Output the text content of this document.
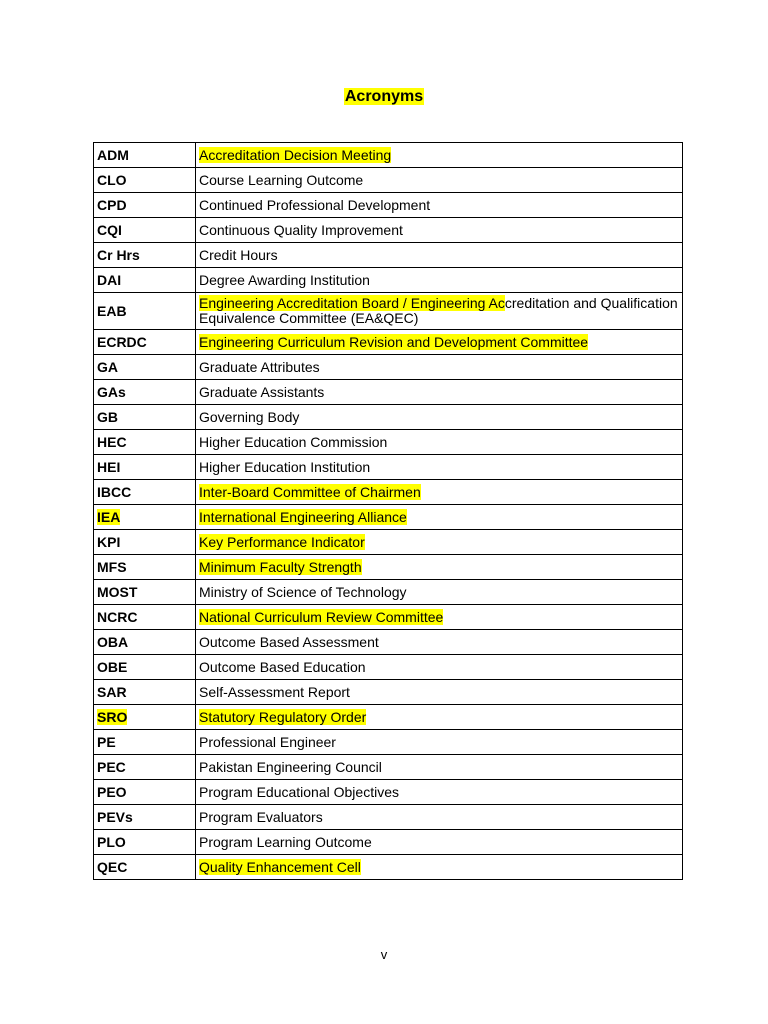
Acronyms
ADM	Accreditation Decision Meeting
CLO	Course Learning Outcome
CPD	Continued Professional Development
CQI	Continuous Quality Improvement
Cr Hrs	Credit Hours
DAI	Degree Awarding Institution
EAB	Engineering Accreditation Board / Engineering Accreditation and Qualification Equivalence Committee (EA&QEC)
ECRDC	Engineering Curriculum Revision and Development Committee
GA	Graduate Attributes
GAs	Graduate Assistants
GB	Governing Body
HEC	Higher Education Commission
HEI	Higher Education Institution
IBCC	Inter-Board Committee of Chairmen
IEA	International Engineering Alliance
KPI	Key Performance Indicator
MFS	Minimum Faculty Strength
MOST	Ministry of Science of Technology
NCRC	National Curriculum Review Committee
OBA	Outcome Based Assessment
OBE	Outcome Based Education
SAR	Self-Assessment Report
SRO	Statutory Regulatory Order
PE	Professional Engineer
PEC	Pakistan Engineering Council
PEO	Program Educational Objectives
PEVs	Program Evaluators
PLO	Program Learning Outcome
QEC	Quality Enhancement Cell
v
